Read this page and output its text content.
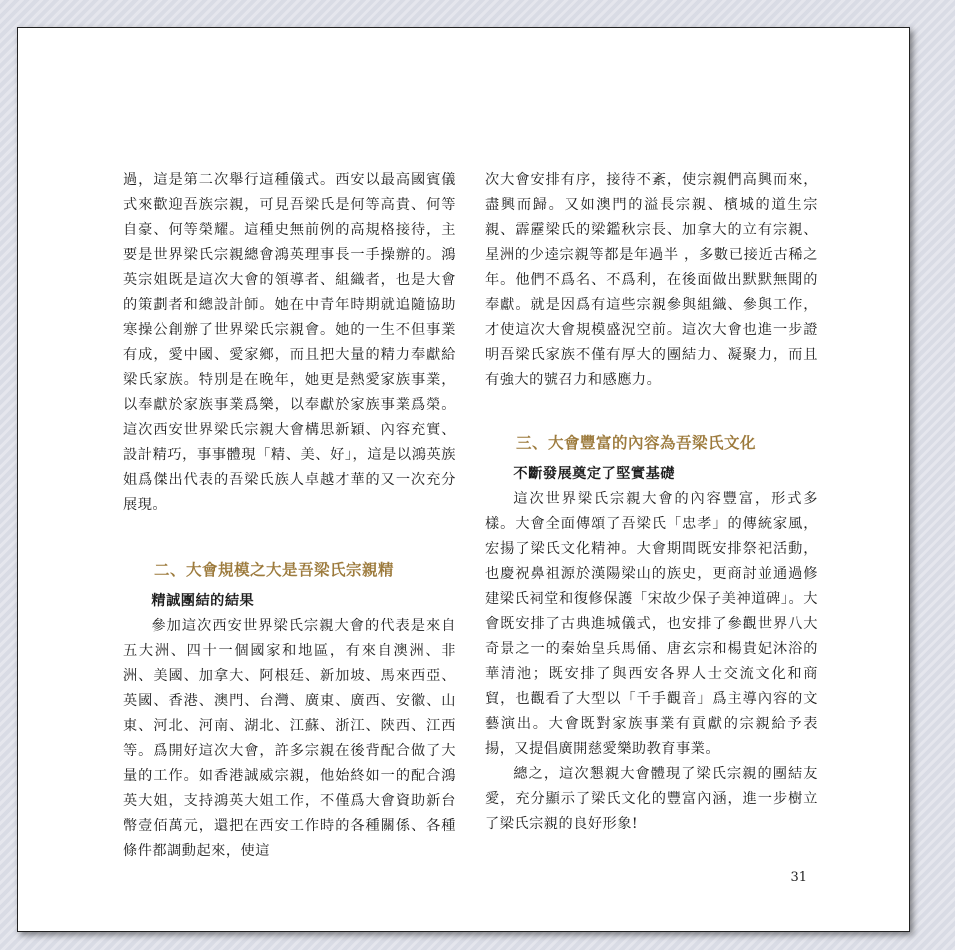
過，這是第二次舉行這種儀式。西安以最高國賓儀式來歡迎吾族宗親，可見吾梁氏是何等高貴、何等自豪、何等榮耀。這種史無前例的高規格接待，主要是世界梁氏宗親總會鴻英理事長一手操辦的。鴻英宗姐既是這次大會的領導者、組織者，也是大會的策劃者和總設計師。她在中青年時期就追隨協助寒操公創辦了世界梁氏宗親會。她的一生不但事業有成，愛中國、愛家鄉，而且把大量的精力奉獻給梁氏家族。特別是在晚年，她更是熱愛家族事業，以奉獻於家族事業爲樂，以奉獻於家族事業爲榮。這次西安世界梁氏宗親大會構思新穎、內容充實、設計精巧，事事體現「精、美、好」，這是以鴻英族姐爲傑出代表的吾梁氏族人卓越才華的又一次充分展現。

二、大會規模之大是吾梁氏宗親精

精誠團結的結果

參加這次西安世界梁氏宗親大會的代表是來自五大洲、四十一個國家和地區，有來自澳洲、非洲、美國、加拿大、阿根廷、新加坡、馬來西亞、英國、香港、澳門、台灣、廣東、廣西、安徽、山東、河北、河南、湖北、江蘇、浙江、陝西、江西等。爲開好這次大會，許多宗親在後背配合做了大量的工作。如香港誠威宗親，他始終如一的配合鴻英大姐，支持鴻英大姐工作，不僅爲大會資助新台幣壹佰萬元，還把在西安工作時的各種關係、各種條件都調動起來，使這

次大會安排有序，接待不紊，使宗親們高興而來，盡興而歸。又如澳門的溢長宗親、檳城的道生宗親、霹靂梁氏的梁鑑秋宗長、加拿大的立有宗親、星洲的少逵宗親等都是年過半 ，多數已接近古稀之年。他們不爲名、不爲利，在後面做出默默無聞的奉獻。就是因爲有這些宗親參與組織、參與工作，才使這次大會規模盛況空前。這次大會也進一步證明吾梁氏家族不僅有厚大的團結力、凝聚力，而且有強大的號召力和感應力。

三、大會豐富的內容為吾梁氏文化

不斷發展奠定了堅實基礎

這次世界梁氏宗親大會的內容豐富，形式多樣。大會全面傳頌了吾梁氏「忠孝」的傳統家風，宏揚了梁氏文化精神。大會期間既安排祭祀活動，也慶祝鼻祖源於漢陽梁山的族史，更商討並通過修建梁氏祠堂和復修保護「宋故少保子美神道碑」。大會既安排了古典進城儀式，也安排了參觀世界八大奇景之一的秦始皇兵馬俑、唐玄宗和楊貴妃沐浴的華清池；既安排了與西安各界人士交流文化和商貿，也觀看了大型以「千手觀音」爲主導內容的文藝演出。大會既對家族事業有貢獻的宗親給予表揚，又提倡廣開慈愛樂助教育事業。

總之，這次懇親大會體現了梁氏宗親的團結友愛，充分顯示了梁氏文化的豐富內涵，進一步樹立了梁氏宗親的良好形象!

31
